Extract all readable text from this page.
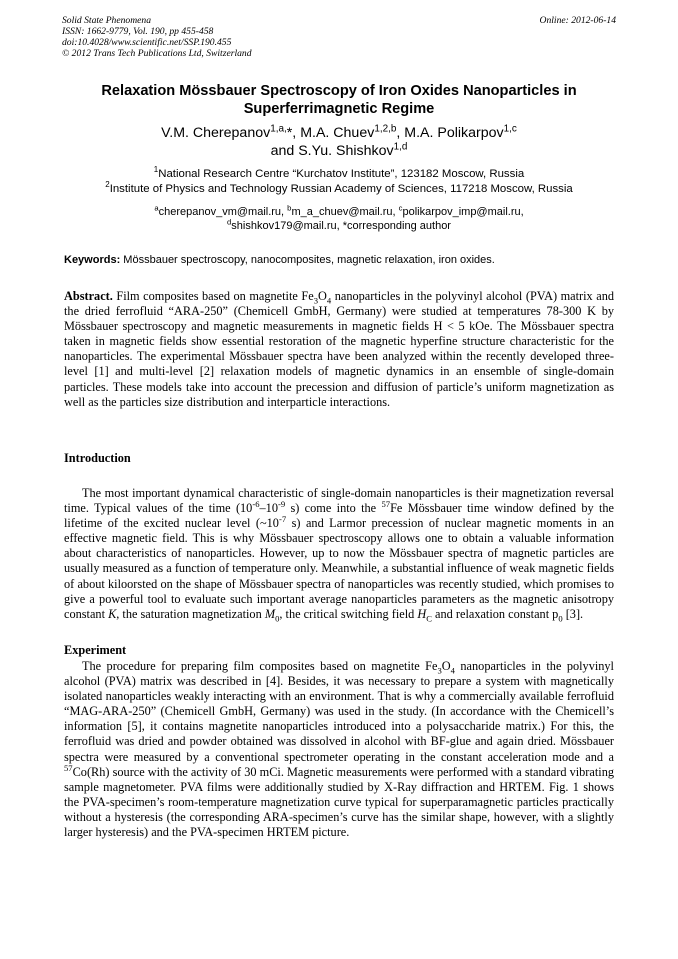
Solid State Phenomena
ISSN: 1662-9779, Vol. 190, pp 455-458
doi:10.4028/www.scientific.net/SSP.190.455
© 2012 Trans Tech Publications Ltd, Switzerland
Online: 2012-06-14
Relaxation Mössbauer Spectroscopy of Iron Oxides Nanoparticles in Superferrimagnetic Regime
V.M. Cherepanov$^{1,a,}$*, M.A. Chuev$^{1,2,b}$, M.A. Polikarpov$^{1,c}$
and S.Yu. Shishkov$^{1,d}$
$^1$National Research Centre “Kurchatov Institute”, 123182 Moscow, Russia
$^2$Institute of Physics and Technology Russian Academy of Sciences, 117218 Moscow, Russia
$^a$cherepanov_vm@mail.ru, $^b$m_a_chuev@mail.ru, $^c$polikarpov_imp@mail.ru,
$^d$shishkov179@mail.ru, *corresponding author
Keywords: Mössbauer spectroscopy, nanocomposites, magnetic relaxation, iron oxides.
Abstract. Film composites based on magnetite $Fe_3O_4$ nanoparticles in the polyvinyl alcohol (PVA) matrix and the dried ferrofluid “ARA-250” (Chemicell GmbH, Germany) were studied at temperatures 78-300 K by Mössbauer spectroscopy and magnetic measurements in magnetic fields H < 5 kOe. The Mössbauer spectra taken in magnetic fields show essential restoration of the magnetic hyperfine structure characteristic for the nanoparticles. The experimental Mössbauer spectra have been analyzed within the recently developed three-level [1] and multi-level [2] relaxation models of magnetic dynamics in an ensemble of single-domain particles. These models take into account the precession and diffusion of particle’s uniform magnetization as well as the particles size distribution and interparticle interactions.
Introduction
The most important dynamical characteristic of single-domain nanoparticles is their magnetization reversal time. Typical values of the time ($10^{-6}-10^{-9}$ s) come into the $^{57}$Fe Mössbauer time window defined by the lifetime of the excited nuclear level ($\sim 10^{-7}$ s) and Larmor precession of nuclear magnetic moments in an effective magnetic field. This is why Mössbauer spectroscopy allows one to obtain a valuable information about characteristics of nanoparticles. However, up to now the Mössbauer spectra of magnetic particles are usually measured as a function of temperature only. Meanwhile, a substantial influence of weak magnetic fields of about kiloorsted on the shape of Mössbauer spectra of nanoparticles was recently studied, which promises to give a powerful tool to evaluate such important average nanoparticles parameters as the magnetic anisotropy constant K, the saturation magnetization $M_0$, the critical switching field $H_C$ and relaxation constant $p_0$ [3].
Experiment
The procedure for preparing film composites based on magnetite $Fe_3O_4$ nanoparticles in the polyvinyl alcohol (PVA) matrix was described in [4]. Besides, it was necessary to prepare a system with magnetically isolated nanoparticles weakly interacting with an environment. That is why a commercially available ferrofluid “MAG-ARA-250” (Chemicell GmbH, Germany) was used in the study. (In accordance with the Chemicell’s information [5], it contains magnetite nanoparticles introduced into a polysaccharide matrix.) For this, the ferrofluid was dried and powder obtained was dissolved in alcohol with BF-glue and again dried. Mössbauer spectra were measured by a conventional spectrometer operating in the constant acceleration mode and a $^{57}$Co(Rh) source with the activity of 30 mCi. Magnetic measurements were performed with a standard vibrating sample magnetometer. PVA films were additionally studied by X-Ray diffraction and HRTEM. Fig. 1 shows the PVA-specimen’s room-temperature magnetization curve typical for superparamagnetic particles practically without a hysteresis (the corresponding ARA-specimen’s curve has the similar shape, however, with a slightly larger hysteresis) and the PVA-specimen HRTEM picture.
